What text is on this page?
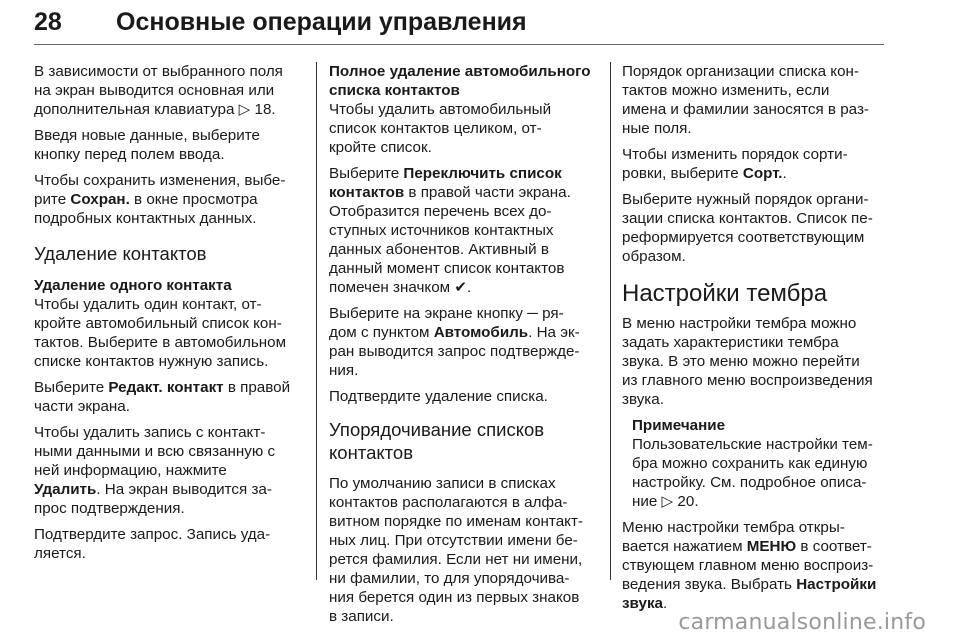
28 Основные операции управления

В зависимости от выбранного поля
на экран выводится основная или
дополнительная клавиатура ▷ 18.

Введя новые данные, выберите
кнопку перед полем ввода.

Чтобы сохранить изменения, выбе-
рите Сохран. в окне просмотра
подробных контактных данных.

Удаление контактов
Удаление одного контакта

Чтобы удалить один контакт, от-
кройте автомобильный список кон-
тактов. Выберите в автомобильном
списке контактов нужную запись.

Выберите Редакт. контакт в правой
части экрана.

Чтобы удалить запись с контакт-
ными данными и всю связанную с
ней информацию, нажмите
Удалить. На экран выводится за-
прос подтверждения.

Подтвердите запрос. Запись уда-
ляется.

Полное удаление автомобильного
списка контактов

Чтобы удалить автомобильный
список контактов целиком, от-
кройте список.

Выберите Переключить список
контактов в правой части экрана.
Отобразится перечень всех до-
ступных источников контактных
данных абонентов. Активный в
данный момент список контактов
помечен значком ✔.

Выберите на экране кнопку ─ ря-
дом с пунктом Автомобиль. На эк-
ран выводится запрос подтвержде-
ния.

Подтвердите удаление списка.

Упорядочивание списков
контактов

По умолчанию записи в списках
контактов располагаются в алфа-
витном порядке по именам контакт-
ных лиц. При отсутствии имени бе-
рется фамилия. Если нет ни имени,
ни фамилии, то для упорядочива-
ния берется один из первых знаков
в записи.

Порядок организации списка кон-
тактов можно изменить, если
имена и фамилии заносятся в раз-
ные поля.

Чтобы изменить порядок сорти-
ровки, выберите Сорт..

Выберите нужный порядок органи-
зации списка контактов. Список пе-
реформируется соответствующим
образом.

Настройки тембра

В меню настройки тембра можно
задать характеристики тембра
звука. В это меню можно перейти
из главного меню воспроизведения
звука.

Примечание

Пользовательские настройки тем-
бра можно сохранить как единую
настройку. См. подробное описа-
ние ▷ 20.

Меню настройки тембра откры-
вается нажатием МЕНЮ в соответ-
ствующем главном меню воспроиз-
ведения звука. Выбрать Настройки
звука.

carmanualsonline.info
